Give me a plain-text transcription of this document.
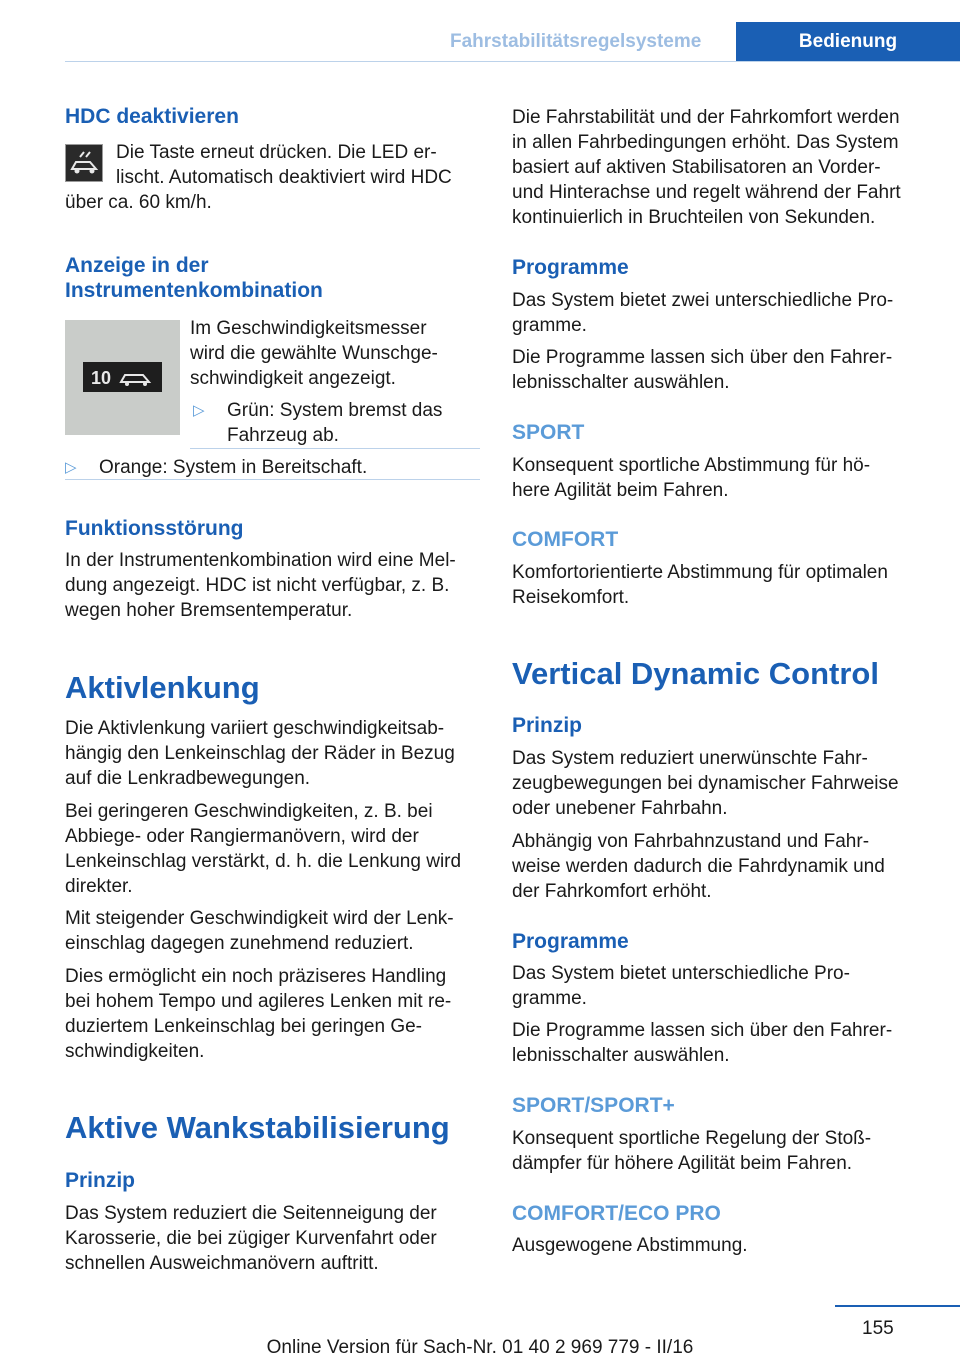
Fahrstabilitätsregelsysteme	Bedienung
HDC deaktivieren
Die Taste erneut drücken. Die LED er‐
lischt. Automatisch deaktiviert wird HDC
über ca. 60 km/h.
Anzeige in der
Instrumentenkombination
10
Im Geschwindigkeitsmesser
wird die gewählte Wunschge‐
schwindigkeit angezeigt.
▷ Grün: System bremst das
Fahrzeug ab.
▷ Orange: System in Bereitschaft.
Funktionsstörung
In der Instrumentenkombination wird eine Mel‐
dung angezeigt. HDC ist nicht verfügbar, z. B.
wegen hoher Bremsentemperatur.
Aktivlenkung
Die Aktivlenkung variiert geschwindigkeitsab‐
hängig den Lenkeinschlag der Räder in Bezug
auf die Lenkradbewegungen.
Bei geringeren Geschwindigkeiten, z. B. bei
Abbiege- oder Rangiermanövern, wird der
Lenkeinschlag verstärkt, d. h. die Lenkung wird
direkter.
Mit steigender Geschwindigkeit wird der Lenk‐
einschlag dagegen zunehmend reduziert.
Dies ermöglicht ein noch präziseres Handling
bei hohem Tempo und agileres Lenken mit re‐
duziertem Lenkeinschlag bei geringen Ge‐
schwindigkeiten.
Aktive Wankstabilisierung
Prinzip
Das System reduziert die Seitenneigung der
Karosserie, die bei zügiger Kurvenfahrt oder
schnellen Ausweichmanövern auftritt.
Die Fahrstabilität und der Fahrkomfort werden
in allen Fahrbedingungen erhöht. Das System
basiert auf aktiven Stabilisatoren an Vorder‐
und Hinterachse und regelt während der Fahrt
kontinuierlich in Bruchteilen von Sekunden.
Programme
Das System bietet zwei unterschiedliche Pro‐
gramme.
Die Programme lassen sich über den Fahrer‐
lebnisschalter auswählen.
SPORT
Konsequent sportliche Abstimmung für hö‐
here Agilität beim Fahren.
COMFORT
Komfortorientierte Abstimmung für optimalen
Reisekomfort.
Vertical Dynamic Control
Prinzip
Das System reduziert unerwünschte Fahr‐
zeugbewegungen bei dynamischer Fahrweise
oder unebener Fahrbahn.
Abhängig von Fahrbahnzustand und Fahr‐
weise werden dadurch die Fahrdynamik und
der Fahrkomfort erhöht.
Programme
Das System bietet unterschiedliche Pro‐
gramme.
Die Programme lassen sich über den Fahrer‐
lebnisschalter auswählen.
SPORT/SPORT+
Konsequent sportliche Regelung der Stoß‐
dämpfer für höhere Agilität beim Fahren.
COMFORT/ECO PRO
Ausgewogene Abstimmung.
155
Online Version für Sach-Nr. 01 40 2 969 779 - II/16
